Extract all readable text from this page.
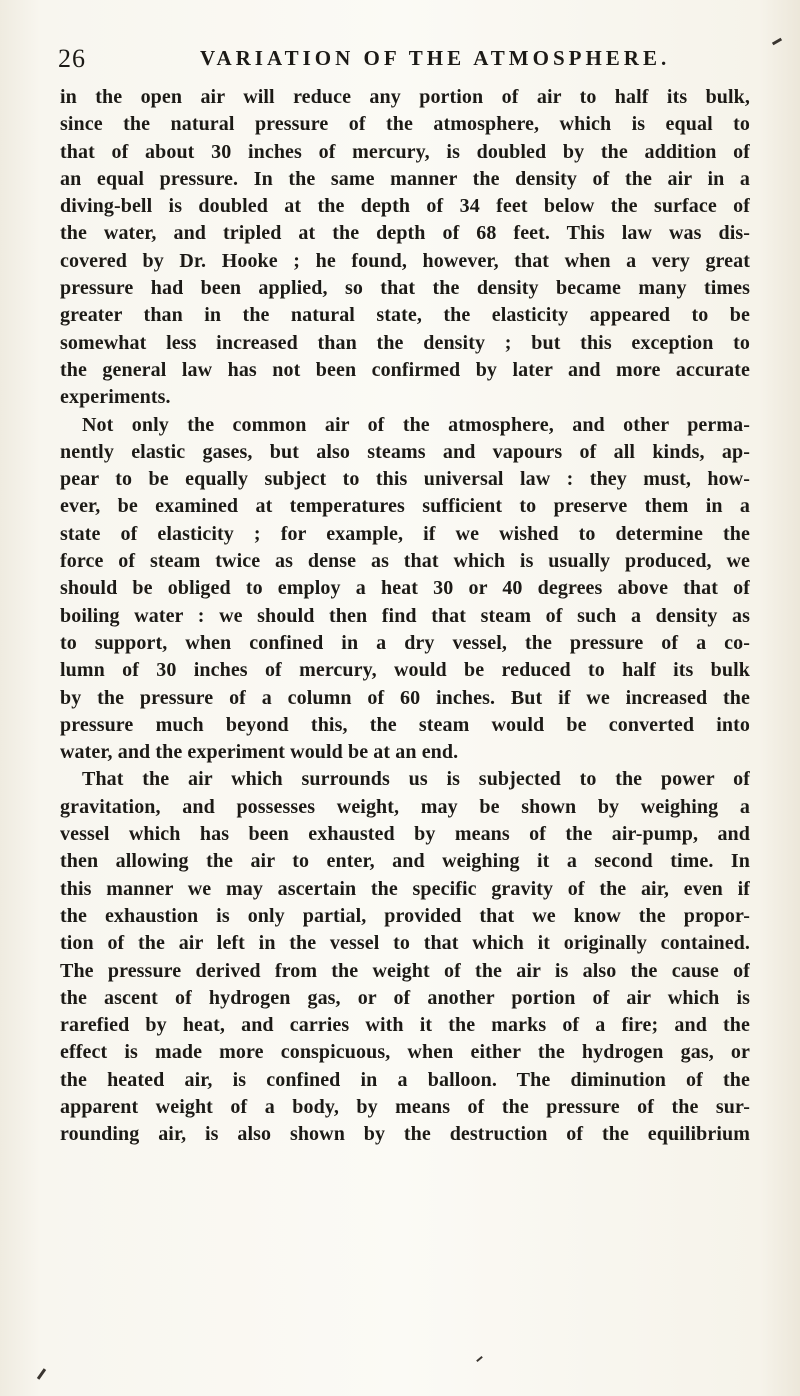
26	VARIATION OF THE ATMOSPHERE.
in the open air will reduce any portion of air to half its bulk,
since the natural pressure of the atmosphere, which is equal to
that of about 30 inches of mercury, is doubled by the addition of
an equal pressure. In the same manner the density of the air in a
diving-bell is doubled at the depth of 34 feet below the surface of
the water, and tripled at the depth of 68 feet. This law was dis-
covered by Dr. Hooke ; he found, however, that when a very great
pressure had been applied, so that the density became many times
greater than in the natural state, the elasticity appeared to be
somewhat less increased than the density ; but this exception to
the general law has not been confirmed by later and more accurate
experiments.
Not only the common air of the atmosphere, and other perma-
nently elastic gases, but also steams and vapours of all kinds, ap-
pear to be equally subject to this universal law : they must, how-
ever, be examined at temperatures sufficient to preserve them in a
state of elasticity ; for example, if we wished to determine the
force of steam twice as dense as that which is usually produced, we
should be obliged to employ a heat 30 or 40 degrees above that of
boiling water : we should then find that steam of such a density as
to support, when confined in a dry vessel, the pressure of a co-
lumn of 30 inches of mercury, would be reduced to half its bulk
by the pressure of a column of 60 inches. But if we increased the
pressure much beyond this, the steam would be converted into
water, and the experiment would be at an end.
That the air which surrounds us is subjected to the power of
gravitation, and possesses weight, may be shown by weighing a
vessel which has been exhausted by means of the air-pump, and
then allowing the air to enter, and weighing it a second time. In
this manner we may ascertain the specific gravity of the air, even if
the exhaustion is only partial, provided that we know the propor-
tion of the air left in the vessel to that which it originally contained.
The pressure derived from the weight of the air is also the cause of
the ascent of hydrogen gas, or of another portion of air which is
rarefied by heat, and carries with it the marks of a fire; and the
effect is made more conspicuous, when either the hydrogen gas, or
the heated air, is confined in a balloon. The diminution of the
apparent weight of a body, by means of the pressure of the sur-
rounding air, is also shown by the destruction of the equilibrium
